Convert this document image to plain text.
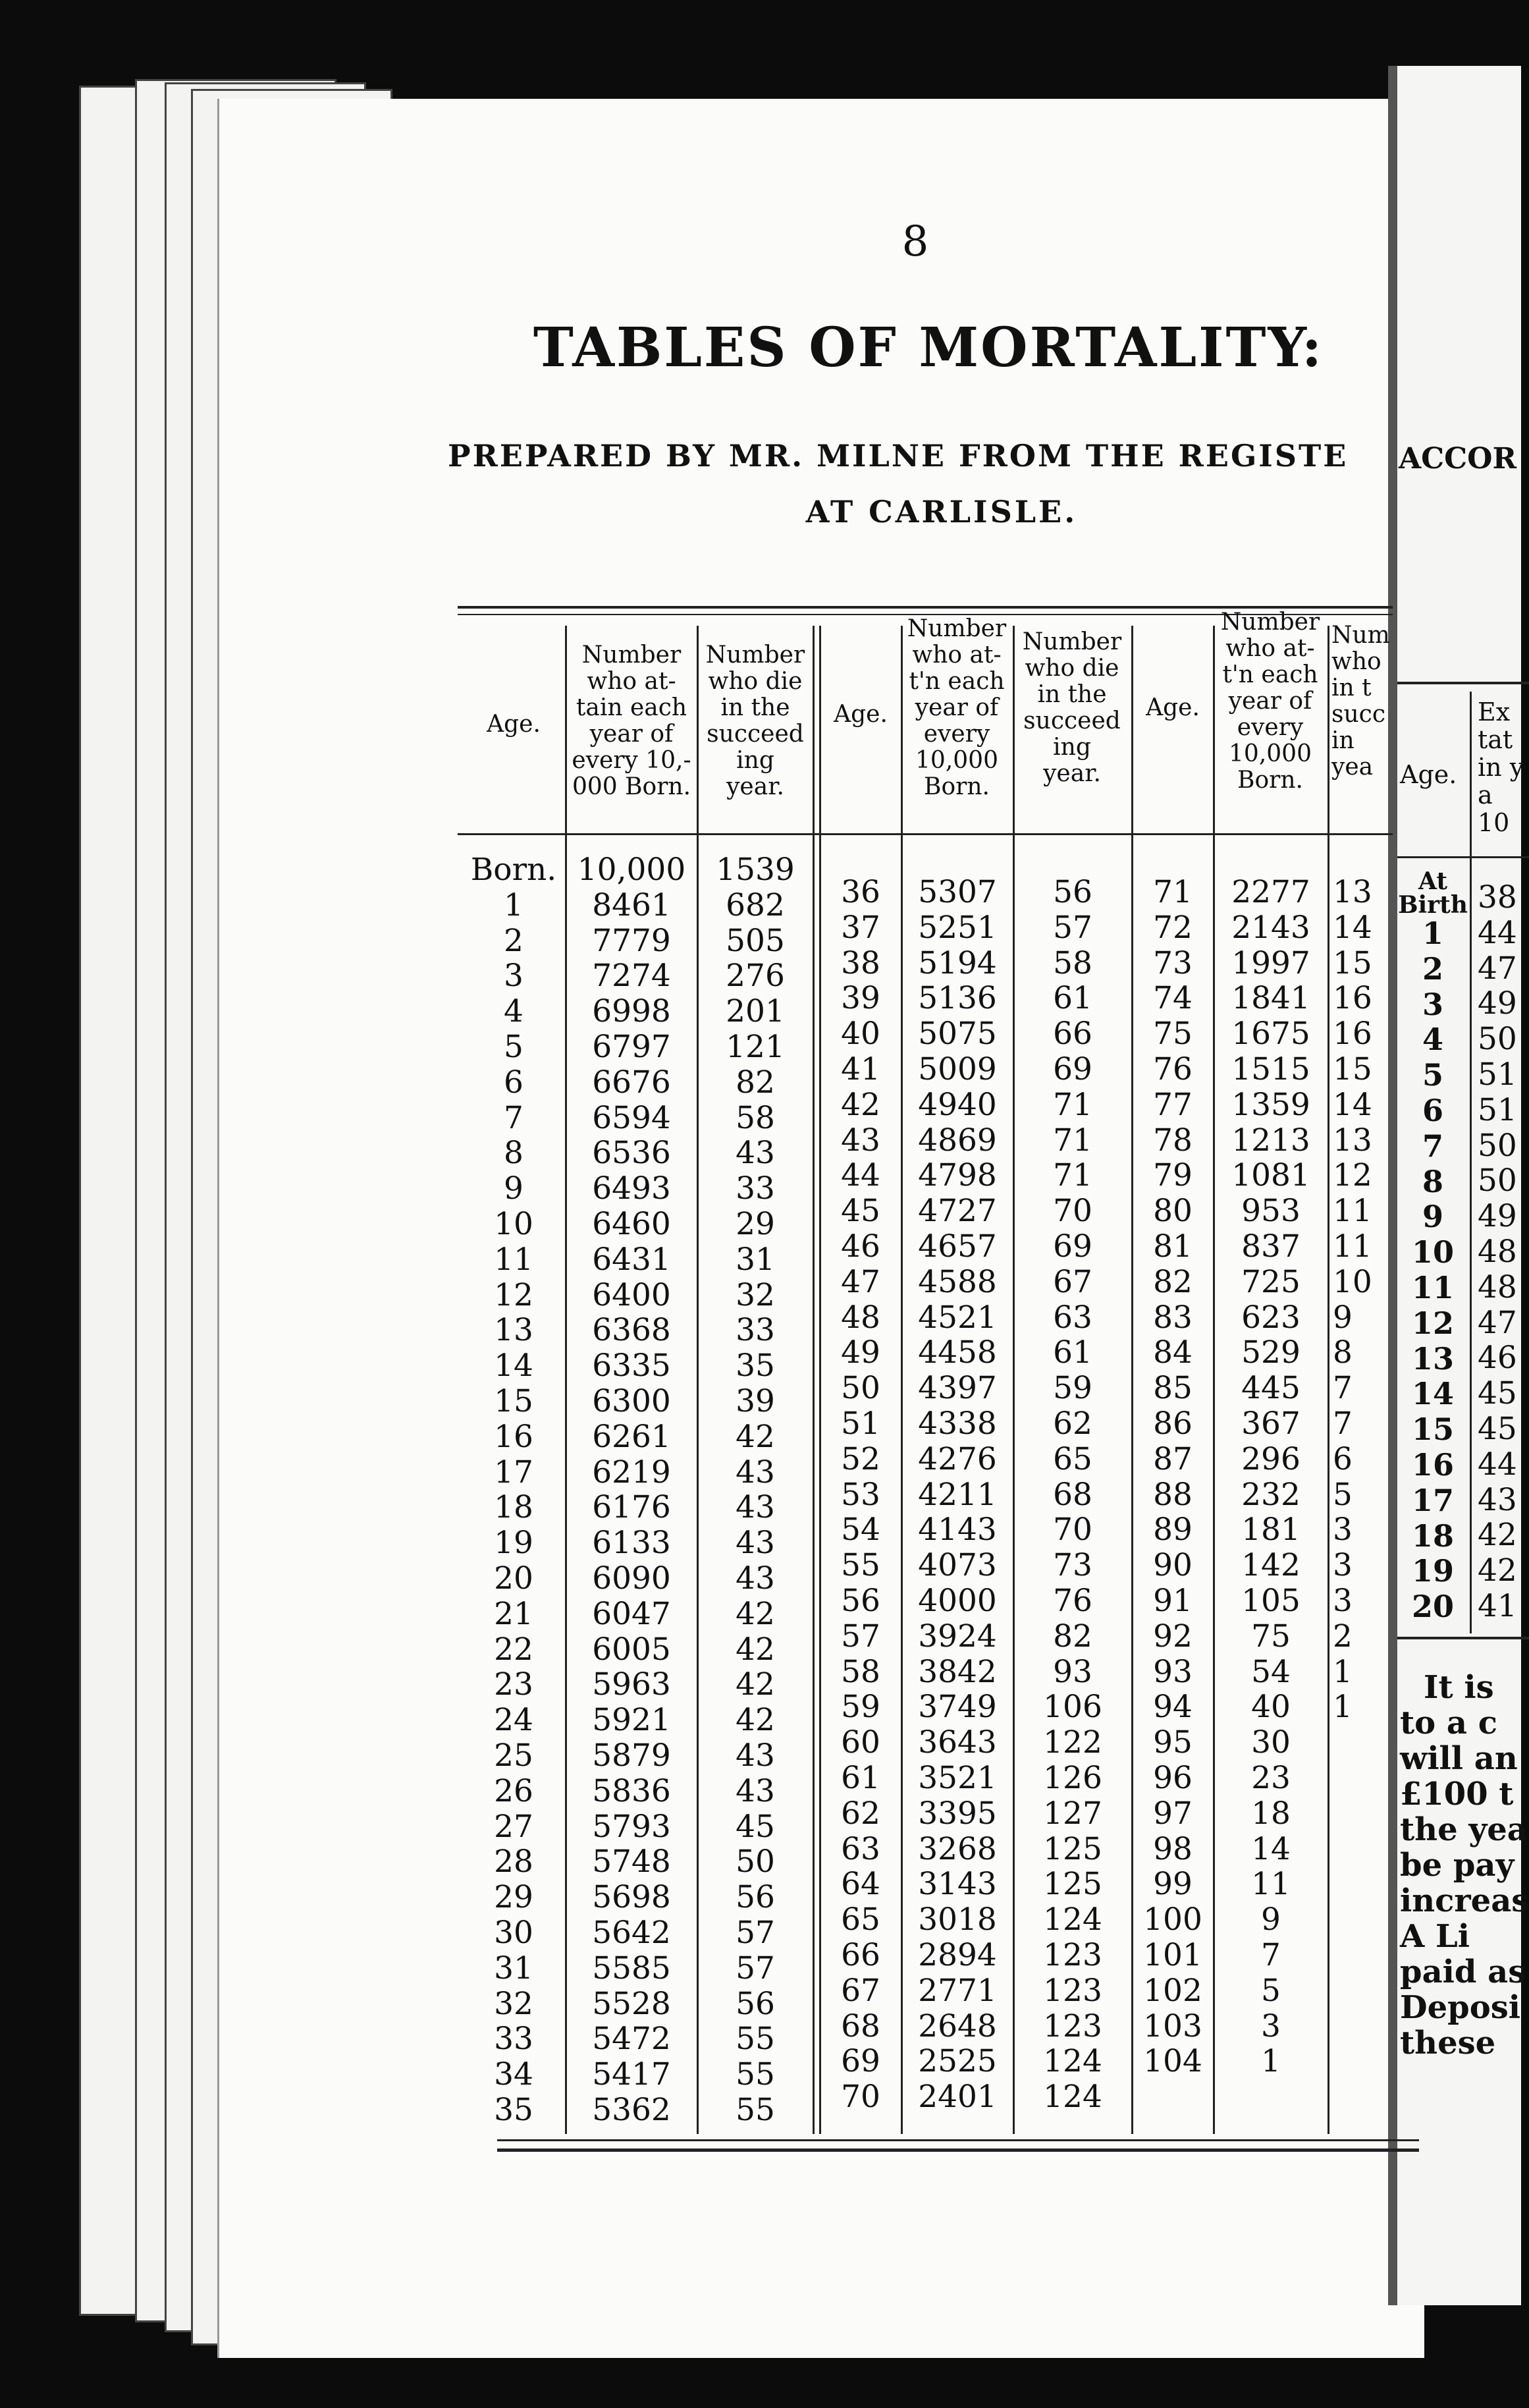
ACCOR
Age.
Ex
tat
in y
a
10
At
Birth
1
2
3
4
5
6
7
8
9
10
11
12
13
14
15
16
17
18
19
20
38
44
47
49
50
51
51
50
50
49
48
48
47
46
45
45
44
43
42
42
41
It is
to a c
will an
£100 t
the yea
be pay
increas
A Li
paid as
Deposi
these
8
TABLES OF MORTALITY:
PREPARED BY MR. MILNE FROM THE REGISTE
AT CARLISLE.
Age.
Number
who at-
tain each
year of
every 10,-
000 Born.
Number
who die
in the
succeed
ing
year.
Age.
Number
who at-
t'n each
year of
every
10,000
Born.
Number
who die
in the
succeed
ing
year.
Age.
Number
who at-
t'n each
year of
every
10,000
Born.
Num
who
in t
succ
in
yea
Born.
1
2
3
4
5
6
7
8
9
10
11
12
13
14
15
16
17
18
19
20
21
22
23
24
25
26
27
28
29
30
31
32
33
34
35
10,000
8461
7779
7274
6998
6797
6676
6594
6536
6493
6460
6431
6400
6368
6335
6300
6261
6219
6176
6133
6090
6047
6005
5963
5921
5879
5836
5793
5748
5698
5642
5585
5528
5472
5417
5362
1539
682
505
276
201
121
82
58
43
33
29
31
32
33
35
39
42
43
43
43
43
42
42
42
42
43
43
45
50
56
57
57
56
55
55
55
36
37
38
39
40
41
42
43
44
45
46
47
48
49
50
51
52
53
54
55
56
57
58
59
60
61
62
63
64
65
66
67
68
69
70
5307
5251
5194
5136
5075
5009
4940
4869
4798
4727
4657
4588
4521
4458
4397
4338
4276
4211
4143
4073
4000
3924
3842
3749
3643
3521
3395
3268
3143
3018
2894
2771
2648
2525
2401
56
57
58
61
66
69
71
71
71
70
69
67
63
61
59
62
65
68
70
73
76
82
93
106
122
126
127
125
125
124
123
123
123
124
124
71
72
73
74
75
76
77
78
79
80
81
82
83
84
85
86
87
88
89
90
91
92
93
94
95
96
97
98
99
100
101
102
103
104
2277
2143
1997
1841
1675
1515
1359
1213
1081
953
837
725
623
529
445
367
296
232
181
142
105
75
54
40
30
23
18
14
11
9
7
5
3
1
13
14
15
16
16
15
14
13
12
11
11
10
9
8
7
7
6
5
3
3
3
2
1
1
